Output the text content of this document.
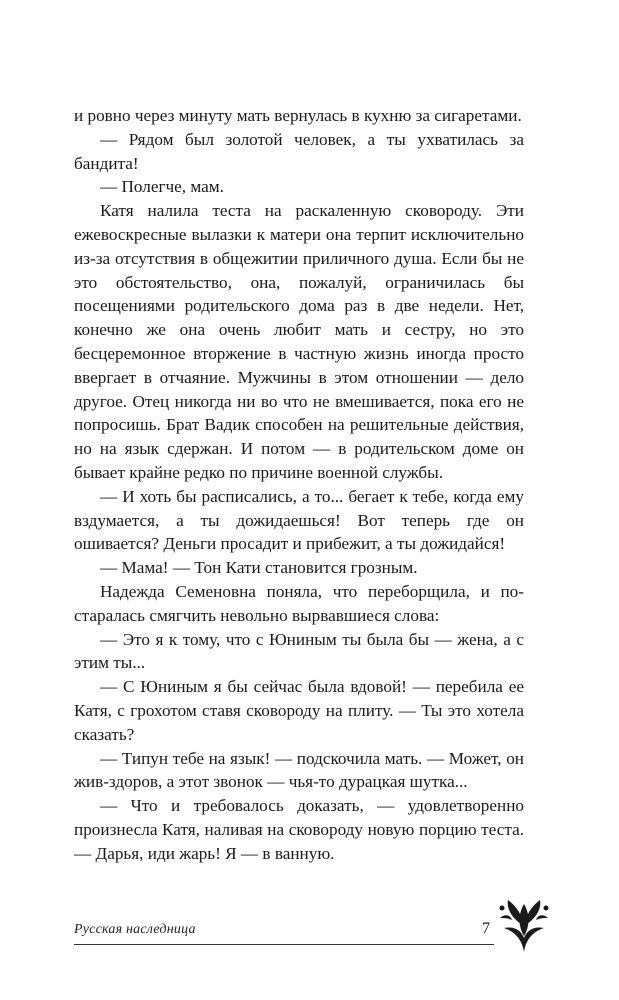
и ровно через минуту мать вернулась в кухню за сигаретами.

— Рядом был золотой человек, а ты ухватилась за бандита!

— Полегче, мам.

Катя налила теста на раскаленную сковороду. Эти ежевоскресные вылазки к матери она терпит исключительно из-за отсутствия в общежитии приличного душа. Если бы не это обстоятельство, она, пожалуй, ограничилась бы посещениями родительского дома раз в две недели. Нет, конечно же она очень любит мать и сестру, но это бесцеремонное вторжение в частную жизнь иногда просто ввергает в отчаяние. Мужчины в этом отношении — дело другое. Отец никогда ни во что не вмешивается, пока его не попросишь. Брат Вадик способен на решительные действия, но на язык сдержан. И потом — в родительском доме он бывает крайне редко по причине военной службы.

— И хоть бы расписались, а то... бегает к тебе, когда ему вздумается, а ты дожидаешься! Вот теперь где он ошивается? Деньги просадит и прибежит, а ты дожидайся!

— Мама! — Тон Кати становится грозным.

Надежда Семеновна поняла, что переборщила, и постаралась смягчить невольно вырвавшиеся слова:

— Это я к тому, что с Юниным ты была бы — жена, а с этим ты...

— С Юниным я бы сейчас была вдовой! — перебила ее Катя, с грохотом ставя сковороду на плиту. — Ты это хотела сказать?

— Типун тебе на язык! — подскочила мать. — Может, он жив-здоров, а этот звонок — чья-то дурацкая шутка...

— Что и требовалось доказать, — удовлетворенно произнесла Катя, наливая на сковороду новую порцию теста. — Дарья, иди жарь! Я — в ванную.

Русская наследница	7
